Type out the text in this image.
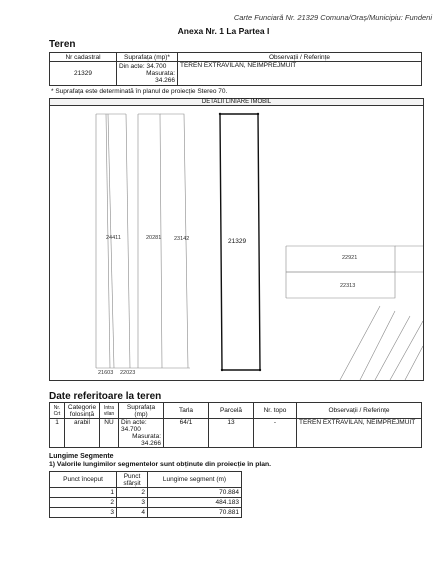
Carte Funciară Nr. 21329 Comuna/Oraș/Municipiu: Fundeni
Anexa Nr. 1 La Partea I
Teren
Nr cadastral	Suprafața (mp)*	Observații / Referințe
21329	Din acte: 34.700
Masurata:
34.266	TEREN EXTRAVILAN, NEIMPREJMUIT
* Suprafața este determinată în planul de proiecție Stereo 70.
DETALII LINIARE IMOBIL
24411	20281 23142	21329
22921
22313
21603 22023
Date referitoare la teren
Nr. Crt	Categorie folosință	Intra vilan	Suprafața (mp)	Tarla	Parcelă	Nr. topo	Observații / Referințe
1	arabil	NU	Din acte: 34.700
Masurata:
34.266	64/1	13	-	TEREN EXTRAVILAN, NEIMPREJMUIT
Lungime Segmente
1) Valorile lungimilor segmentelor sunt obținute din proiecție în plan.
Punct început	Punct sfârșit	Lungime segment (m)
1	2	70.884
2	3	484.183
3	4	70.881
